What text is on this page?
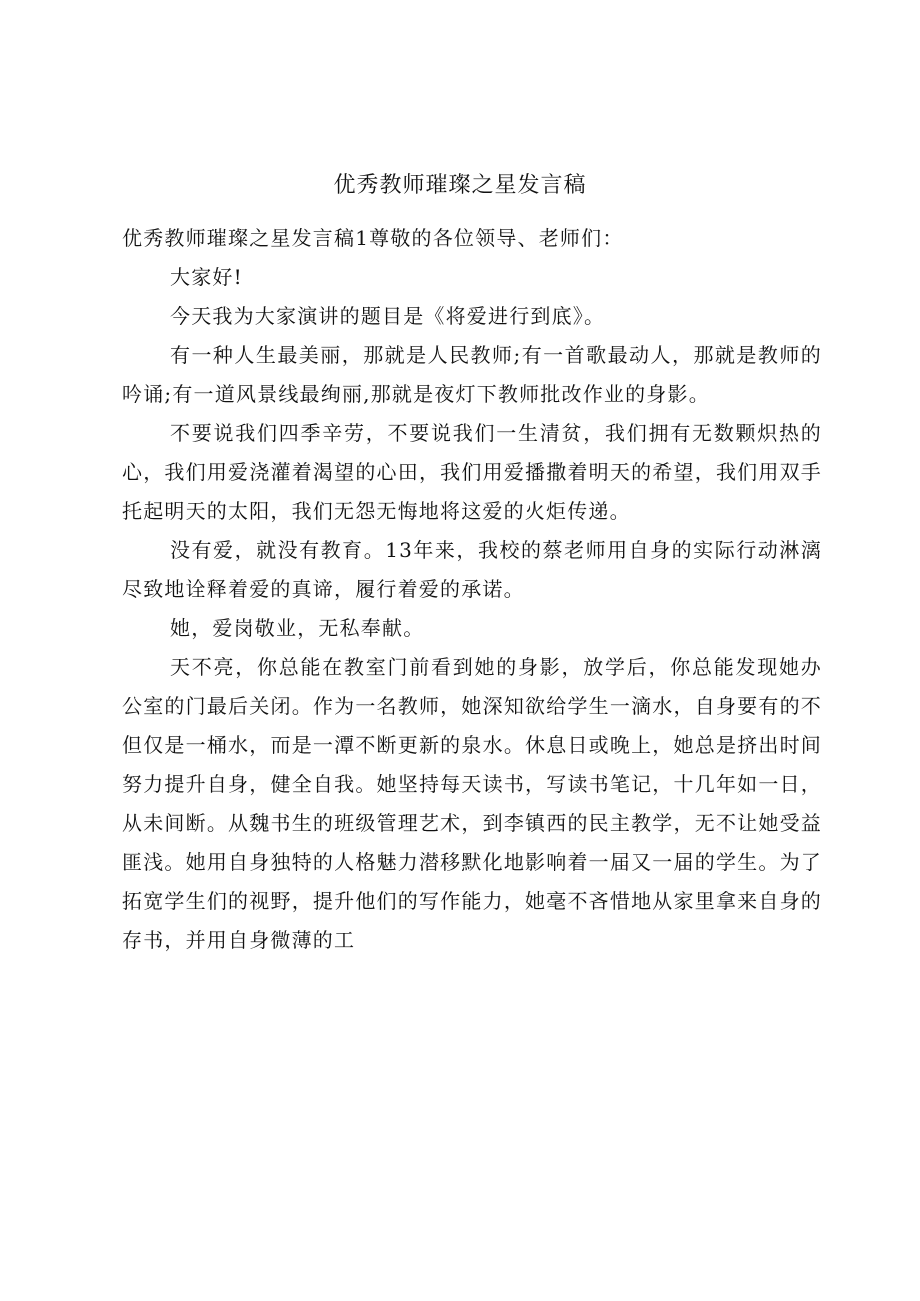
优秀教师璀璨之星发言稿

优秀教师璀璨之星发言稿1尊敬的各位领导、老师们：

大家好!

今天我为大家演讲的题目是《将爱进行到底》。

有一种人生最美丽，那就是人民教师;有一首歌最动人，那就是教师的吟诵;有一道风景线最绚丽,那就是夜灯下教师批改作业的身影。

不要说我们四季辛劳，不要说我们一生清贫，我们拥有无数颗炽热的心，我们用爱浇灌着渴望的心田，我们用爱播撒着明天的希望，我们用双手托起明天的太阳，我们无怨无悔地将这爱的火炬传递。

没有爱，就没有教育。13年来，我校的蔡老师用自身的实际行动淋漓尽致地诠释着爱的真谛，履行着爱的承诺。

她，爱岗敬业，无私奉献。

天不亮，你总能在教室门前看到她的身影，放学后，你总能发现她办公室的门最后关闭。作为一名教师，她深知欲给学生一滴水，自身要有的不但仅是一桶水，而是一潭不断更新的泉水。休息日或晚上，她总是挤出时间努力提升自身，健全自我。她坚持每天读书，写读书笔记，十几年如一日，从未间断。从魏书生的班级管理艺术，到李镇西的民主教学，无不让她受益匪浅。她用自身独特的人格魅力潜移默化地影响着一届又一届的学生。为了拓宽学生们的视野，提升他们的写作能力，她毫不吝惜地从家里拿来自身的存书，并用自身微薄的工
